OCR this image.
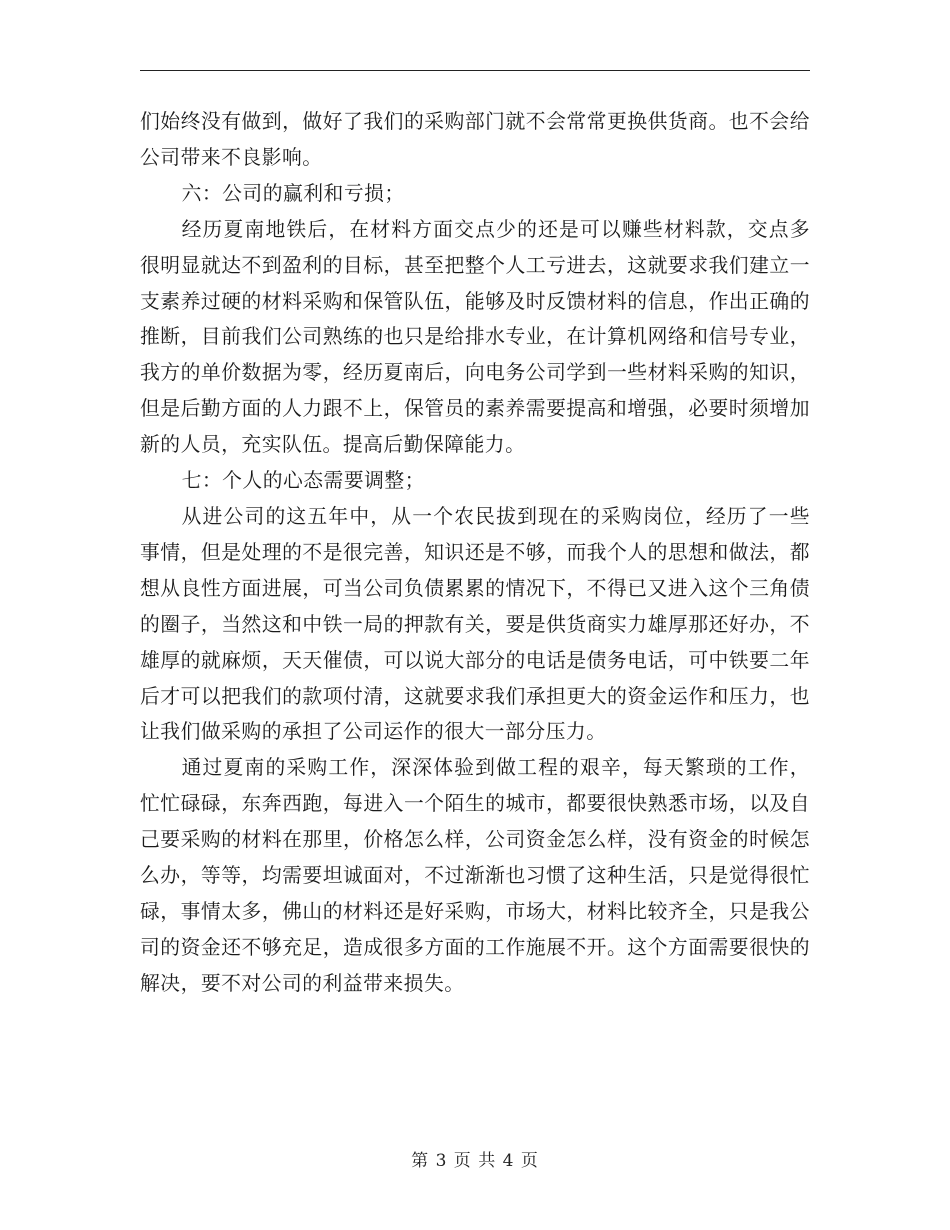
们始终没有做到，做好了我们的采购部门就不会常常更换供货商。也不会给公司带来不良影响。

六：公司的赢利和亏损；

经历夏南地铁后，在材料方面交点少的还是可以赚些材料款，交点多很明显就达不到盈利的目标，甚至把整个人工亏进去，这就要求我们建立一支素养过硬的材料采购和保管队伍，能够及时反馈材料的信息，作出正确的推断，目前我们公司熟练的也只是给排水专业，在计算机网络和信号专业，我方的单价数据为零，经历夏南后，向电务公司学到一些材料采购的知识，但是后勤方面的人力跟不上，保管员的素养需要提高和增强，必要时须增加新的人员，充实队伍。提高后勤保障能力。

七：个人的心态需要调整；

从进公司的这五年中，从一个农民拔到现在的采购岗位，经历了一些事情，但是处理的不是很完善，知识还是不够，而我个人的思想和做法，都想从良性方面进展，可当公司负债累累的情况下，不得已又进入这个三角债的圈子，当然这和中铁一局的押款有关，要是供货商实力雄厚那还好办，不雄厚的就麻烦，天天催债，可以说大部分的电话是债务电话，可中铁要二年后才可以把我们的款项付清，这就要求我们承担更大的资金运作和压力，也让我们做采购的承担了公司运作的很大一部分压力。

通过夏南的采购工作，深深体验到做工程的艰辛，每天繁琐的工作，忙忙碌碌，东奔西跑，每进入一个陌生的城市，都要很快熟悉市场，以及自己要采购的材料在那里，价格怎么样，公司资金怎么样，没有资金的时候怎么办，等等，均需要坦诚面对，不过渐渐也习惯了这种生活，只是觉得很忙碌，事情太多，佛山的材料还是好采购，市场大，材料比较齐全，只是我公司的资金还不够充足，造成很多方面的工作施展不开。这个方面需要很快的解决，要不对公司的利益带来损失。

第 3 页 共 4 页
